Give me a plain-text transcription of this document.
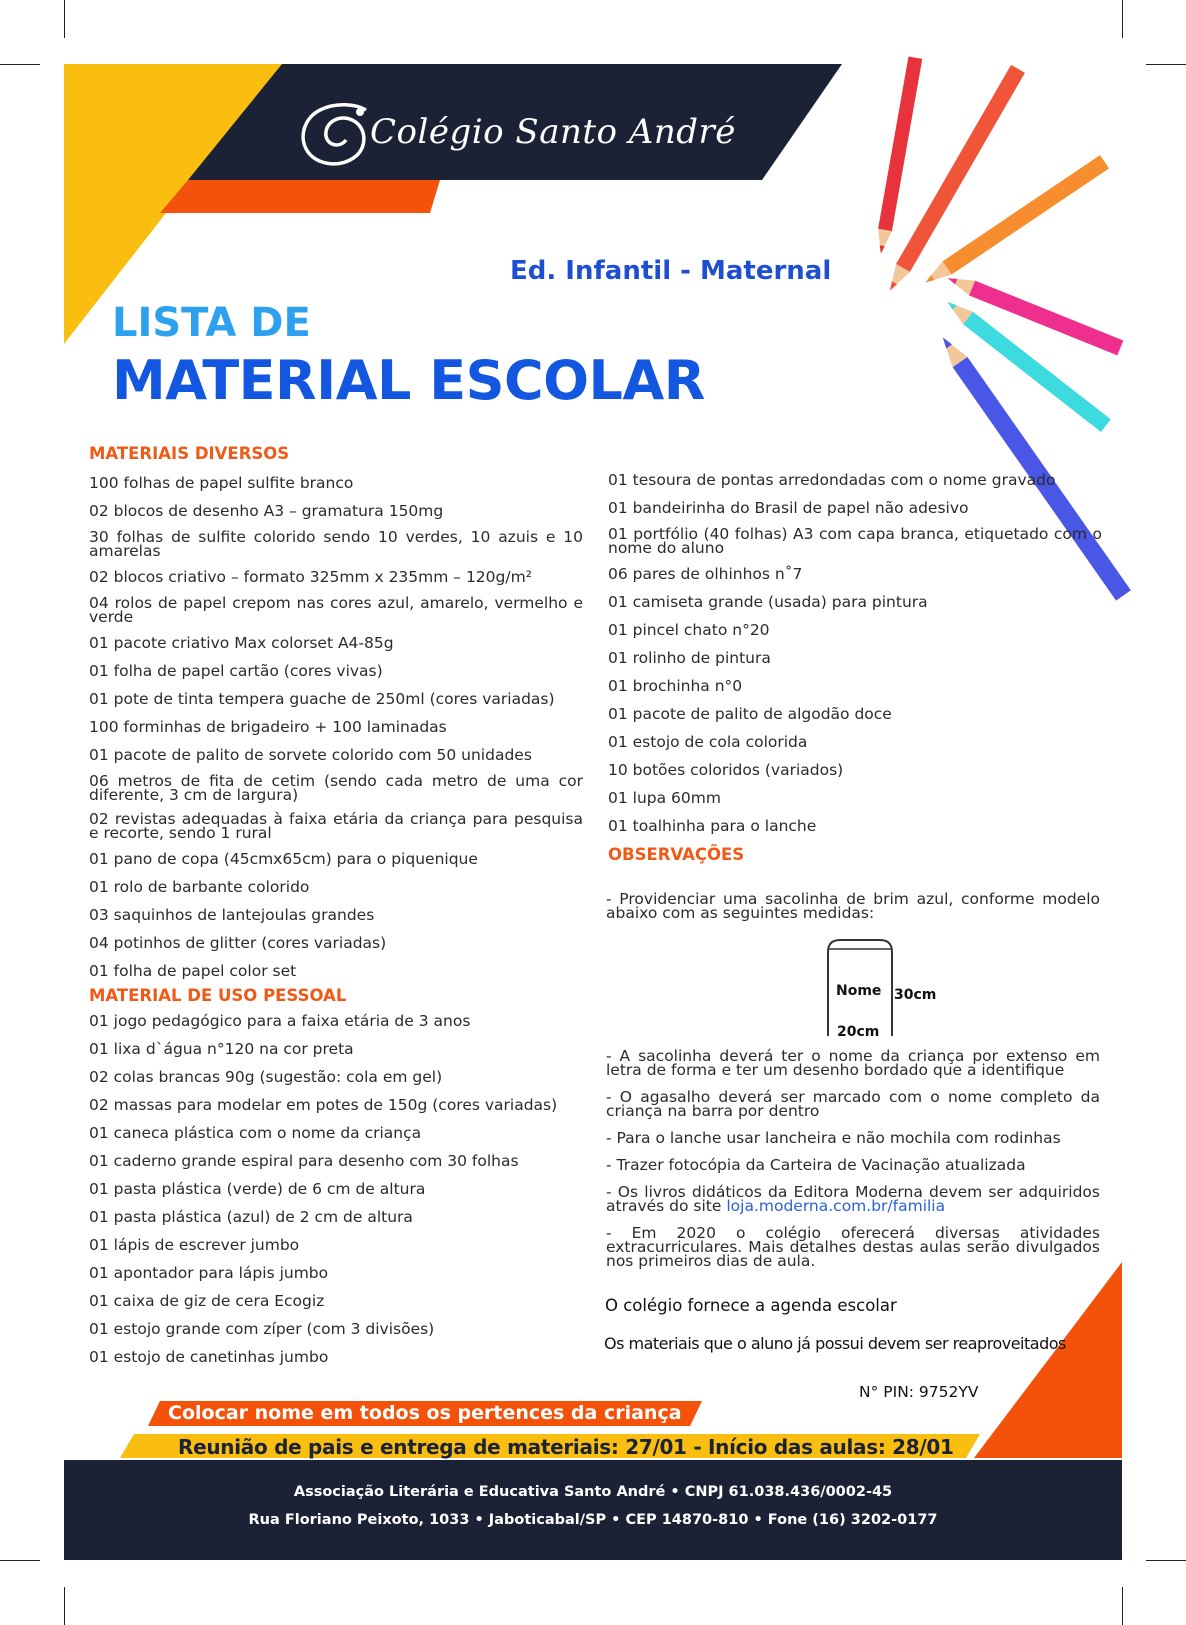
Colégio Santo André
Ed. Infantil - Maternal
LISTA DE
MATERIAL ESCOLAR

MATERIAIS DIVERSOS

100 folhas de papel sulfite branco
02 blocos de desenho A3 – gramatura 150mg
30 folhas de sulfite colorido sendo 10 verdes, 10 azuis e 10 amarelas
02 blocos criativo – formato 325mm x 235mm – 120g/m²
04 rolos de papel crepom nas cores azul, amarelo, vermelho e verde
01 pacote criativo Max colorset A4-85g
01 folha de papel cartão (cores vivas)
01 pote de tinta tempera guache de 250ml (cores variadas)
100 forminhas de brigadeiro + 100 laminadas
01 pacote de palito de sorvete colorido com 50 unidades
06 metros de fita de cetim (sendo cada metro de uma cor diferente, 3 cm de largura)
02 revistas adequadas à faixa etária da criança para pesquisa e recorte, sendo 1 rural
01 pano de copa (45cmx65cm) para o piquenique
01 rolo de barbante colorido
03 saquinhos de lantejoulas grandes
04 potinhos de glitter (cores variadas)
01 folha de papel color set

MATERIAL DE USO PESSOAL

01 jogo pedagógico para a faixa etária de 3 anos
01 lixa d`água n°120 na cor preta
02 colas brancas 90g (sugestão: cola em gel)
02 massas para modelar em potes de 150g (cores variadas)
01 caneca plástica com o nome da criança
01 caderno grande espiral para desenho com 30 folhas
01 pasta plástica (verde) de 6 cm de altura
01 pasta plástica (azul) de 2 cm de altura
01 lápis de escrever jumbo
01 apontador para lápis jumbo
01 caixa de giz de cera Ecogiz
01 estojo grande com zíper (com 3 divisões)
01 estojo de canetinhas jumbo
01 tesoura de pontas arredondadas com o nome gravado
01 bandeirinha do Brasil de papel não adesivo
01 portfólio (40 folhas) A3 com capa branca, etiquetado com o nome do aluno
06 pares de olhinhos n˚7
01 camiseta grande (usada) para pintura
01 pincel chato n°20
01 rolinho de pintura
01 brochinha n°0
01 pacote de palito de algodão doce
01 estojo de cola colorida
10 botões coloridos (variados)
01 lupa 60mm
01 toalhinha para o lanche

OBSERVAÇÕES

- Providenciar uma sacolinha de brim azul, conforme modelo abaixo com as seguintes medidas:

Nome 30cm
20cm

- A sacolinha deverá ter o nome da criança por extenso em letra de forma e ter um desenho bordado que a identifique

- O agasalho deverá ser marcado com o nome completo da criança na barra por dentro

- Para o lanche usar lancheira e não mochila com rodinhas

- Trazer fotocópia da Carteira de Vacinação atualizada

- Os livros didáticos da Editora Moderna devem ser adquiridos através do site loja.moderna.com.br/familia

- Em 2020 o colégio oferecerá diversas atividades extracurriculares. Mais detalhes destas aulas serão divulgados nos primeiros dias de aula.

O colégio fornece a agenda escolar
Os materiais que o aluno já possui devem ser reaproveitados
N° PIN: 9752YV
Colocar nome em todos os pertences da criança
Reunião de pais e entrega de materiais: 27/01 - Início das aulas: 28/01
Associação Literária e Educativa Santo André • CNPJ 61.038.436/0002-45
Rua Floriano Peixoto, 1033 • Jaboticabal/SP • CEP 14870-810 • Fone (16) 3202-0177
